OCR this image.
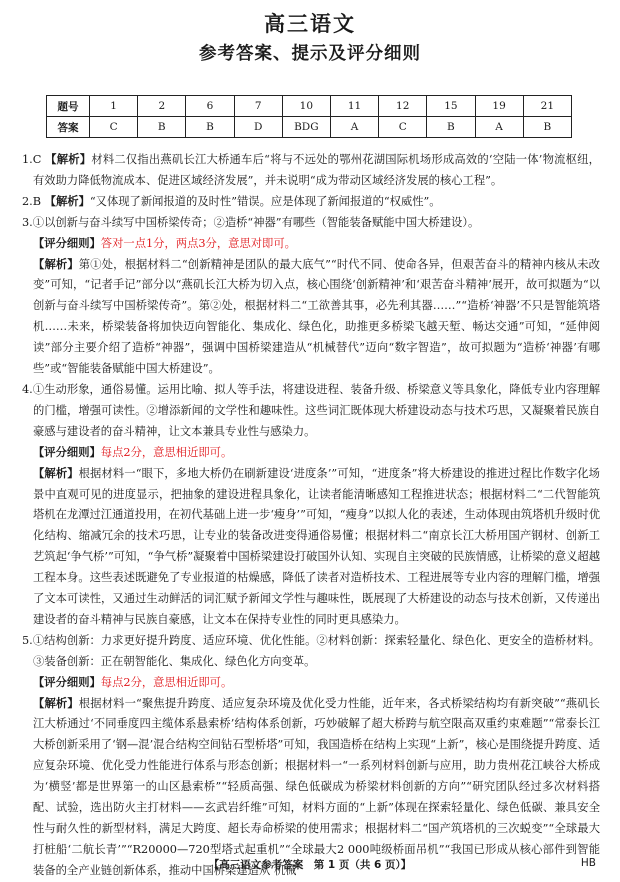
高三语文
参考答案、提示及评分细则
题号	1	2	6	7	10	11	12	15	19	21
答案	C	B	B	D	BDG	A	C	B	A	B

1.C 【解析】材料二仅指出燕矶长江大桥通车后“将与不远处的鄂州花湖国际机场形成高效的‘空陆一体’物流枢纽，有效助力降低物流成本、促进区域经济发展”，并未说明“成为带动区域经济发展的核心工程”。

2.B 【解析】“又体现了新闻报道的及时性”错误。应是体现了新闻报道的“权威性”。

3.①以创新与奋斗续写中国桥梁传奇；②造桥“神器”有哪些（智能装备赋能中国大桥建设）。

【评分细则】答对一点1分，两点3分，意思对即可。

【解析】第①处，根据材料二“创新精神是团队的最大底气”“时代不同、使命各异，但艰苦奋斗的精神内核从未改变”可知，“记者手记”部分以“燕矶长江大桥为切入点，核心围绕‘创新精神’和‘艰苦奋斗精神’展开，故可拟题为“以创新与奋斗续写中国桥梁传奇”。第②处，根据材料二“工欲善其事，必先利其器……”“造桥‘神器’不只是智能筑塔机……未来，桥梁装备将加快迈向智能化、集成化、绿色化，助推更多桥梁飞越天堑、畅达交通”可知，“延伸阅读”部分主要介绍了造桥“神器”，强调中国桥梁建造从“机械替代”迈向“数字智造”，故可拟题为“造桥‘神器’有哪些”或“智能装备赋能中国大桥建设”。

4.①生动形象，通俗易懂。运用比喻、拟人等手法，将建设进程、装备升级、桥梁意义等具象化，降低专业内容理解的门槛，增强可读性。②增添新闻的文学性和趣味性。这些词汇既体现大桥建设动态与技术巧思，又凝聚着民族自豪感与建设者的奋斗精神，让文本兼具专业性与感染力。

【评分细则】每点2分，意思相近即可。

【解析】根据材料一“眼下，多地大桥仍在刷新建设‘进度条’”可知，“进度条”将大桥建设的推进过程比作数字化场景中直观可见的进度显示，把抽象的建设进程具象化，让读者能清晰感知工程推进状态；根据材料二“二代智能筑塔机在龙潭过江通道投用，在初代基础上进一步‘瘦身’”可知，“瘦身”以拟人化的表述，生动体现由筑塔机升级时优化结构、缩减冗余的技术巧思，让专业的装备改进变得通俗易懂；根据材料二“南京长江大桥用国产钢材、创新工艺筑起‘争气桥’”可知，“争气桥”凝聚着中国桥梁建设打破国外认知、实现自主突破的民族情感，让桥梁的意义超越工程本身。这些表述既避免了专业报道的枯燥感，降低了读者对造桥技术、工程进展等专业内容的理解门槛，增强了文本可读性，又通过生动鲜活的词汇赋予新闻文学性与趣味性，既展现了大桥建设的动态与技术创新，又传递出建设者的奋斗精神与民族自豪感，让文本在保持专业性的同时更具感染力。

5.①结构创新：力求更好提升跨度、适应环境、优化性能。②材料创新：探索轻量化、绿色化、更安全的造桥材料。③装备创新：正在朝智能化、集成化、绿色化方向变革。

【评分细则】每点2分，意思相近即可。

【解析】根据材料一“聚焦提升跨度、适应复杂环境及优化受力性能，近年来，各式桥梁结构均有新突破”“燕矶长江大桥通过‘不同垂度四主缆体系悬索桥’结构体系创新，巧妙破解了超大桥跨与航空限高双重约束难题”“常泰长江大桥创新采用了‘钢—混’混合结构空间钻石型桥塔”可知，我国造桥在结构上实现“上新”，核心是围绕提升跨度、适应复杂环境、优化受力性能进行体系与形态创新；根据材料一“一系列材料创新与应用，助力贵州花江峡谷大桥成为‘横竖’都是世界第一的山区悬索桥”“轻质高强、绿色低碳成为桥梁材料创新的方向”“研究团队经过多次材料搭配、试验，选出防火主打材料——玄武岩纤维”可知，材料方面的“上新”体现在探索轻量化、绿色低碳、兼具安全性与耐久性的新型材料，满足大跨度、超长寿命桥梁的使用需求；根据材料二“国产筑塔机的三次蜕变”“全球最大打桩船‘二航长青’”“R20000—720型塔式起重机”“全球最大2 000吨级桥面吊机”“我国已形成从核心部件到智能装备的全产业链创新体系，推动中国桥梁建造从‘机械

【高三语文参考答案　第 1 页（共 6 页）】	HB
